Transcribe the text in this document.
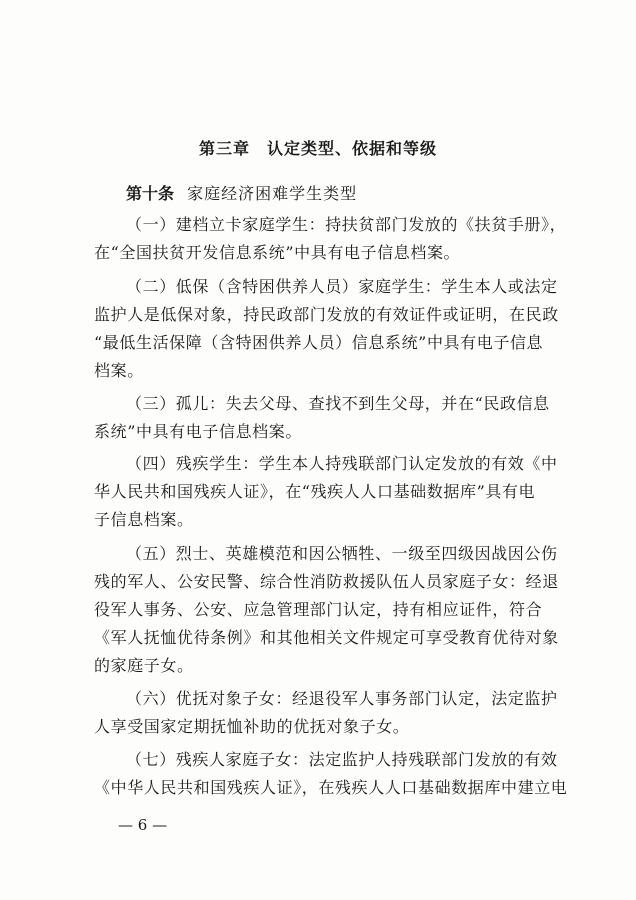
第三章　认定类型、依据和等级
第十条 家庭经济困难学生类型
（一）建档立卡家庭学生：持扶贫部门发放的《扶贫手册》，
在“全国扶贫开发信息系统”中具有电子信息档案。
（二）低保（含特困供养人员）家庭学生：学生本人或法定
监护人是低保对象，持民政部门发放的有效证件或证明，在民政
“最低生活保障（含特困供养人员）信息系统”中具有电子信息
档案。
（三）孤儿：失去父母、查找不到生父母，并在“民政信息
系统”中具有电子信息档案。
（四）残疾学生：学生本人持残联部门认定发放的有效《中
华人民共和国残疾人证》，在“残疾人人口基础数据库”具有电
子信息档案。
（五）烈士、英雄模范和因公牺牲、一级至四级因战因公伤
残的军人、公安民警、综合性消防救援队伍人员家庭子女：经退
役军人事务、公安、应急管理部门认定，持有相应证件，符合
《军人抚恤优待条例》和其他相关文件规定可享受教育优待对象
的家庭子女。
（六）优抚对象子女：经退役军人事务部门认定，法定监护
人享受国家定期抚恤补助的优抚对象子女。
（七）残疾人家庭子女：法定监护人持残联部门发放的有效
《中华人民共和国残疾人证》，在残疾人人口基础数据库中建立电
— 6 —
